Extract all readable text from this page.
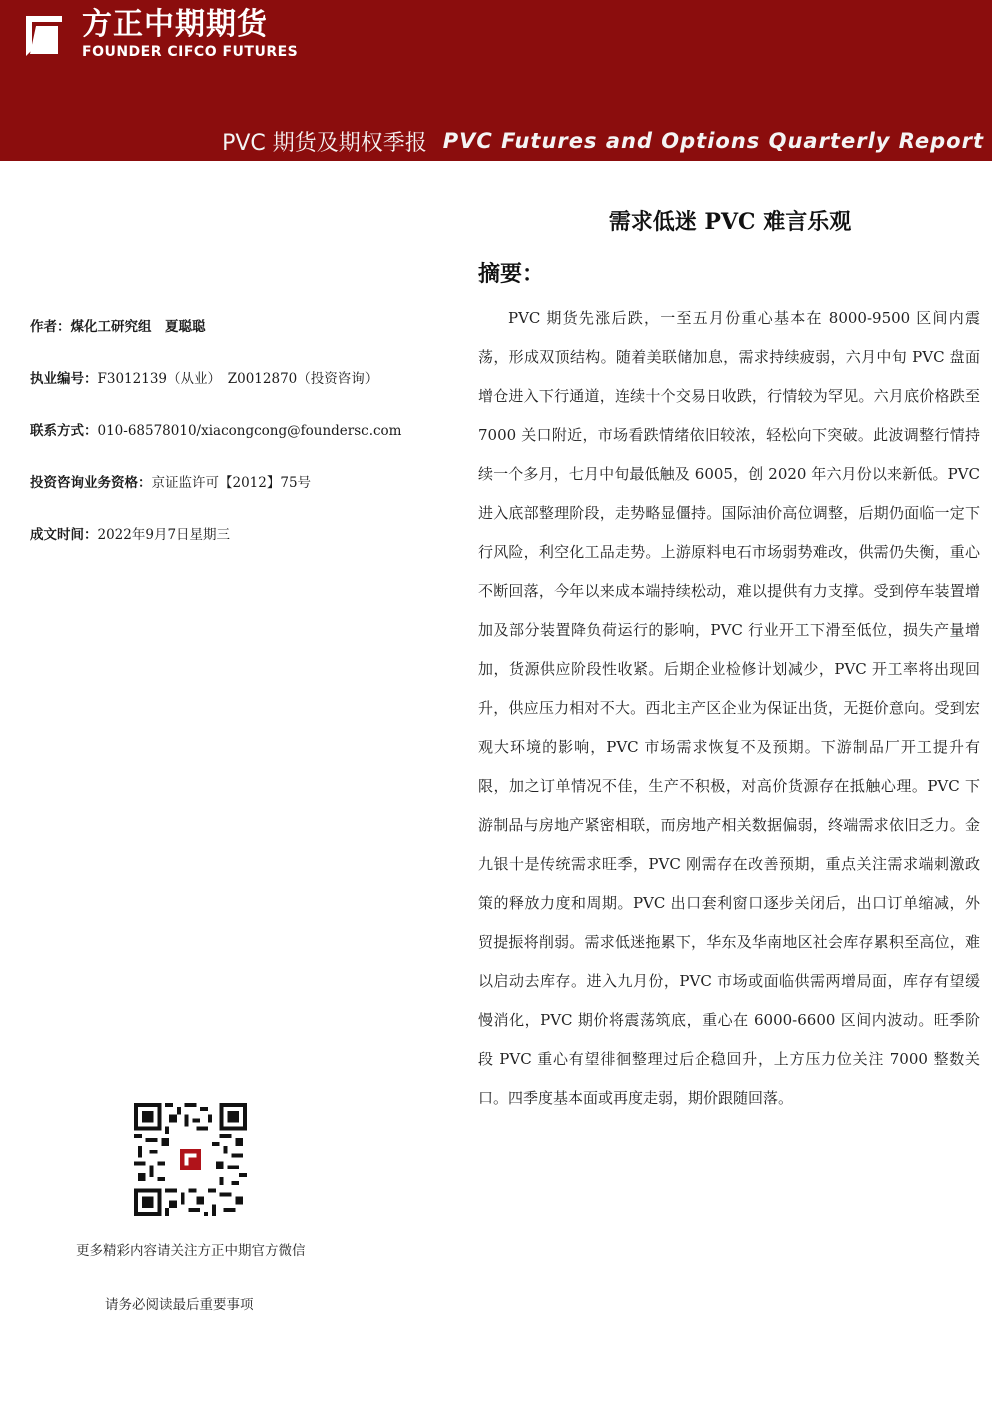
方正中期期货
FOUNDER CIFCO FUTURES
PVC 期货及期权季报 PVC Futures and Options Quarterly Report
需求低迷 PVC 难言乐观
摘要：
PVC 期货先涨后跌，一至五月份重心基本在 8000-9500 区间内震荡，形成双顶结构。随着美联储加息，需求持续疲弱，六月中旬 PVC 盘面增仓进入下行通道，连续十个交易日收跌，行情较为罕见。六月底价格跌至 7000 关口附近，市场看跌情绪依旧较浓，轻松向下突破。此波调整行情持续一个多月，七月中旬最低触及 6005，创 2020 年六月份以来新低。PVC 进入底部整理阶段，走势略显僵持。国际油价高位调整，后期仍面临一定下行风险，利空化工品走势。上游原料电石市场弱势难改，供需仍失衡，重心不断回落，今年以来成本端持续松动，难以提供有力支撑。受到停车装置增加及部分装置降负荷运行的影响，PVC 行业开工下滑至低位，损失产量增加，货源供应阶段性收紧。后期企业检修计划减少，PVC 开工率将出现回升，供应压力相对不大。西北主产区企业为保证出货，无挺价意向。受到宏观大环境的影响，PVC 市场需求恢复不及预期。下游制品厂开工提升有限，加之订单情况不佳，生产不积极，对高价货源存在抵触心理。PVC 下游制品与房地产紧密相联，而房地产相关数据偏弱，终端需求依旧乏力。金九银十是传统需求旺季，PVC 刚需存在改善预期，重点关注需求端刺激政策的释放力度和周期。PVC 出口套利窗口逐步关闭后，出口订单缩减，外贸提振将削弱。需求低迷拖累下，华东及华南地区社会库存累积至高位，难以启动去库存。进入九月份，PVC 市场或面临供需两增局面，库存有望缓慢消化，PVC 期价将震荡筑底，重心在 6000-6600 区间内波动。旺季阶段 PVC 重心有望徘徊整理过后企稳回升，上方压力位关注 7000 整数关口。四季度基本面或再度走弱，期价跟随回落。
作者：煤化工研究组　夏聪聪
执业编号：F3012139（从业）　Z0012870（投资咨询）
联系方式：010-68578010/xiacongcong@foundersc.com
投资咨询业务资格：京证监许可【2012】75号
成文时间：2022年9月7日星期三
更多精彩内容请关注方正中期官方微信
请务必阅读最后重要事项
